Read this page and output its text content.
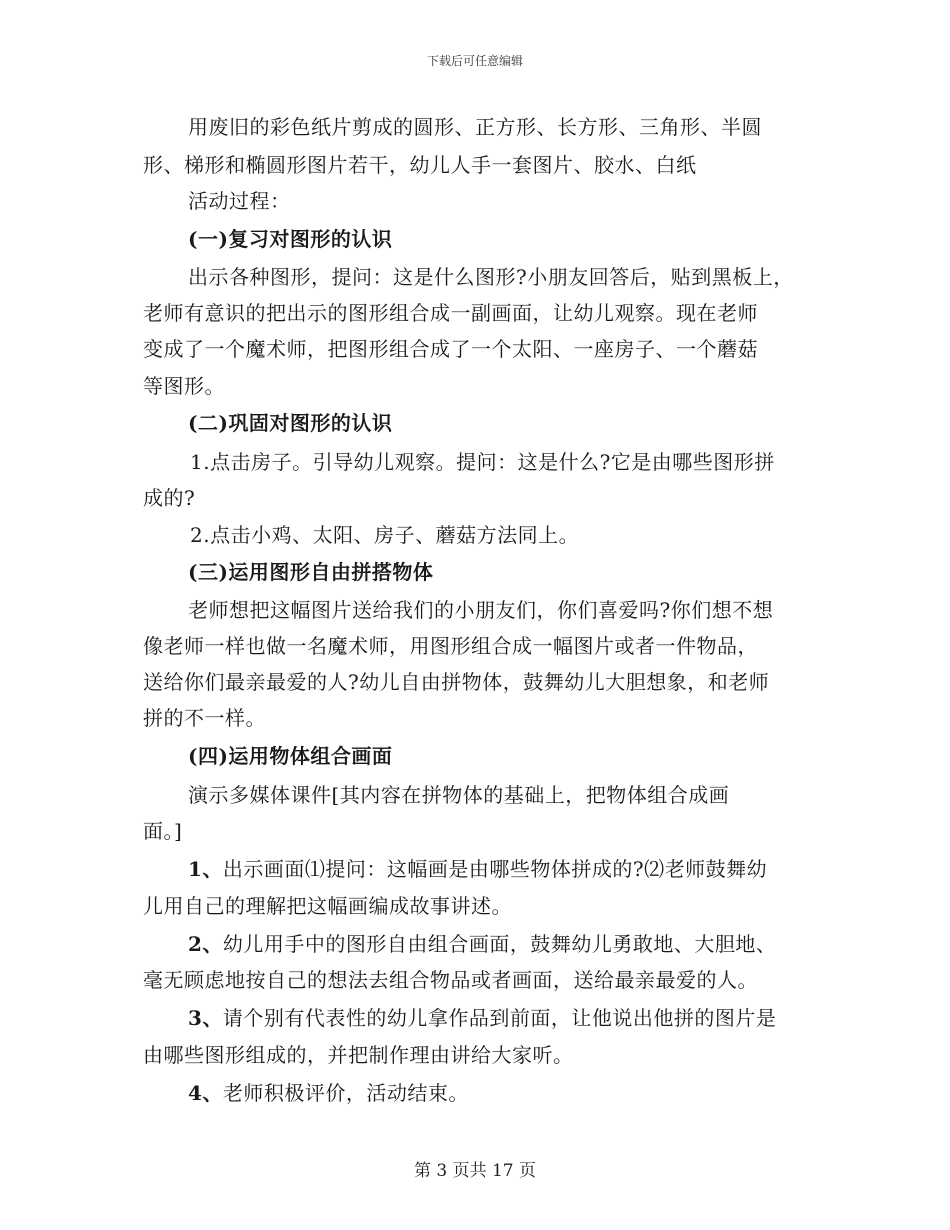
下载后可任意编辑
用废旧的彩色纸片剪成的圆形、正方形、长方形、三角形、半圆
形、梯形和椭圆形图片若干，幼儿人手一套图片、胶水、白纸
活动过程：
(一)复习对图形的认识
出示各种图形，提问：这是什么图形?小朋友回答后，贴到黑板上，
老师有意识的把出示的图形组合成一副画面，让幼儿观察。现在老师
变成了一个魔术师，把图形组合成了一个太阳、一座房子、一个蘑菇
等图形。
(二)巩固对图形的认识
1.点击房子。引导幼儿观察。提问：这是什么?它是由哪些图形拼
成的?
2.点击小鸡、太阳、房子、蘑菇方法同上。
(三)运用图形自由拼搭物体
老师想把这幅图片送给我们的小朋友们，你们喜爱吗?你们想不想
像老师一样也做一名魔术师，用图形组合成一幅图片或者一件物品，
送给你们最亲最爱的人?幼儿自由拼物体，鼓舞幼儿大胆想象，和老师
拼的不一样。
(四)运用物体组合画面
演示多媒体课件[其内容在拼物体的基础上，把物体组合成画
面。]
1、出示画面⑴提问：这幅画是由哪些物体拼成的?⑵老师鼓舞幼
儿用自己的理解把这幅画编成故事讲述。
2、幼儿用手中的图形自由组合画面，鼓舞幼儿勇敢地、大胆地、
毫无顾虑地按自己的想法去组合物品或者画面，送给最亲最爱的人。
3、请个别有代表性的幼儿拿作品到前面，让他说出他拼的图片是
由哪些图形组成的，并把制作理由讲给大家听。
4、老师积极评价，活动结束。
第 3 页共 17 页
